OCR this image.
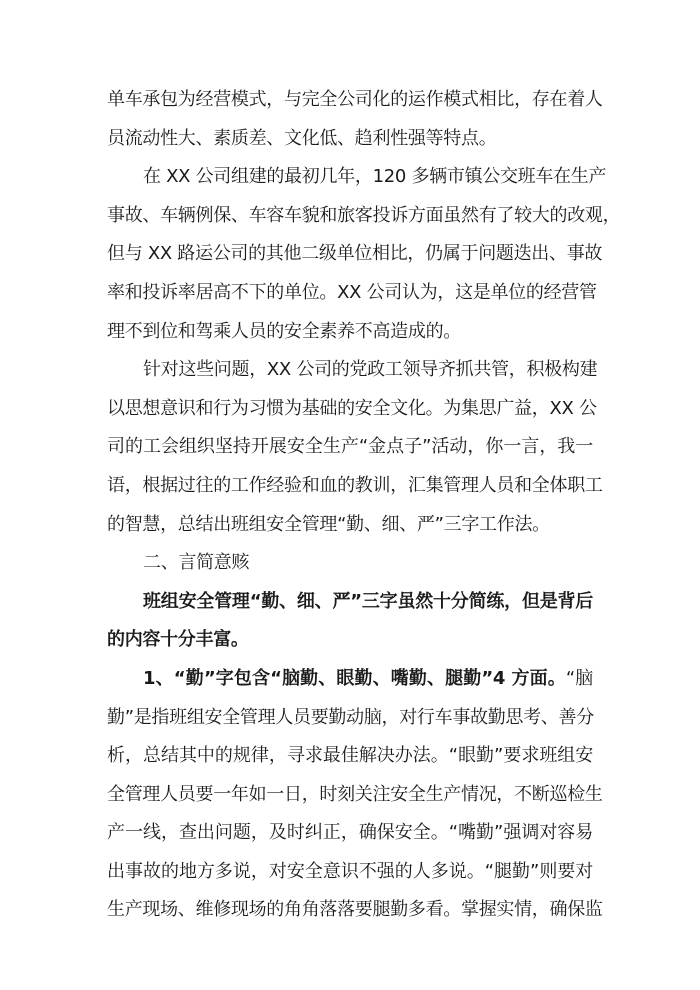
单车承包为经营模式，与完全公司化的运作模式相比，存在着人
员流动性大、素质差、文化低、趋利性强等特点。
在 XX 公司组建的最初几年，120 多辆市镇公交班车在生产
事故、车辆例保、车容车貌和旅客投诉方面虽然有了较大的改观，
但与 XX 路运公司的其他二级单位相比，仍属于问题迭出、事故
率和投诉率居高不下的单位。XX 公司认为，这是单位的经营管
理不到位和驾乘人员的安全素养不高造成的。
针对这些问题，XX 公司的党政工领导齐抓共管，积极构建
以思想意识和行为习惯为基础的安全文化。为集思广益，XX 公
司的工会组织坚持开展安全生产“金点子”活动，你一言，我一
语，根据过往的工作经验和血的教训，汇集管理人员和全体职工
的智慧，总结出班组安全管理“勤、细、严”三字工作法。
二、言简意赅
班组安全管理“勤、细、严”三字虽然十分简练，但是背后
的内容十分丰富。
1、“勤”字包含“脑勤、眼勤、嘴勤、腿勤”4 方面。“脑
勤”是指班组安全管理人员要勤动脑，对行车事故勤思考、善分
析，总结其中的规律，寻求最佳解决办法。“眼勤”要求班组安
全管理人员要一年如一日，时刻关注安全生产情况，不断巡检生
产一线，查出问题，及时纠正，确保安全。“嘴勤”强调对容易
出事故的地方多说，对安全意识不强的人多说。“腿勤”则要对
生产现场、维修现场的角角落落要腿勤多看。掌握实情，确保监
